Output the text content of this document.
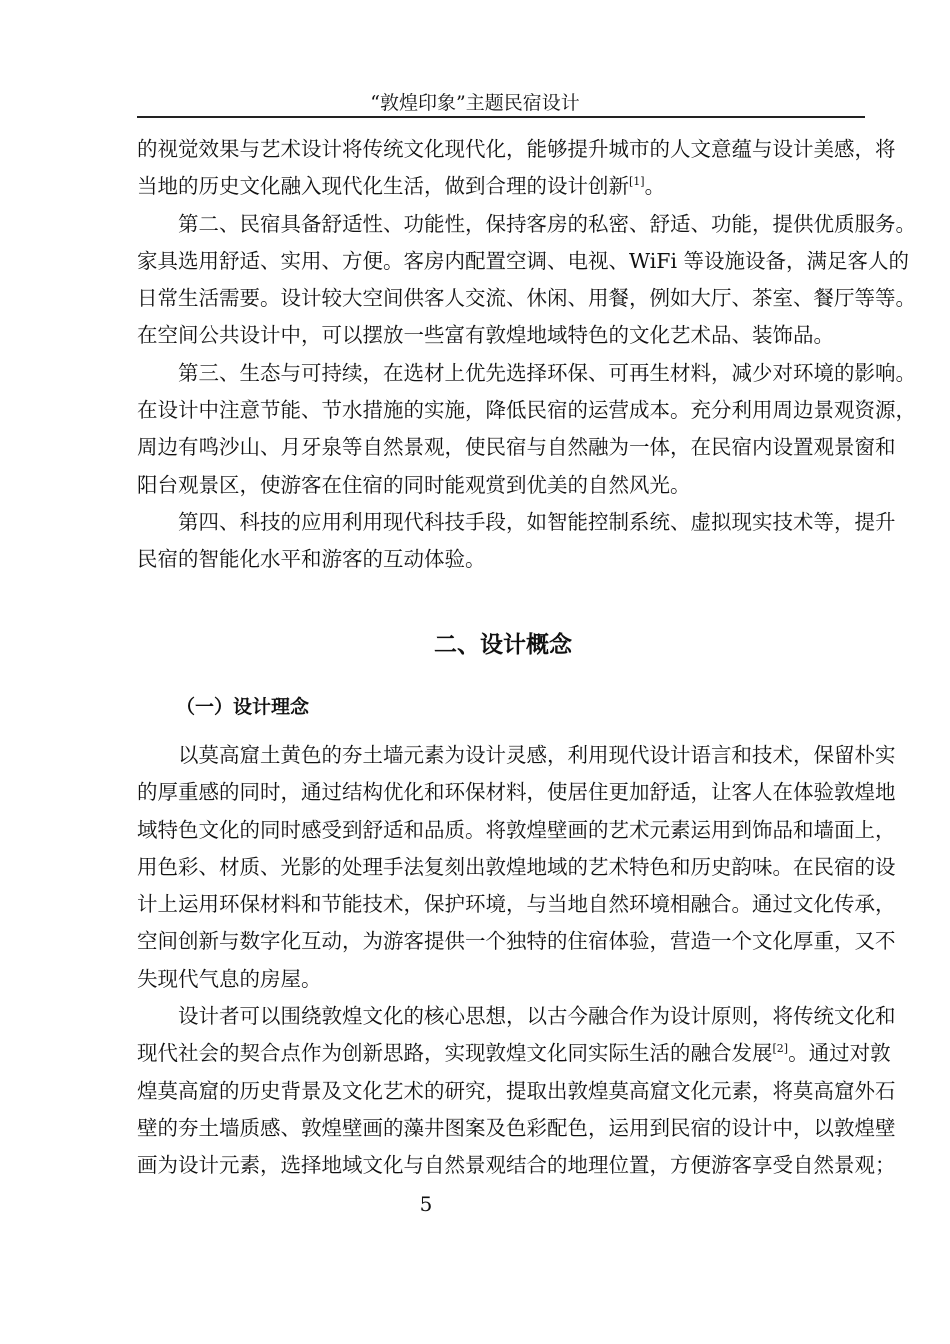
“敦煌印象”主题民宿设计
的视觉效果与艺术设计将传统文化现代化，能够提升城市的人文意蕴与设计美感，将
当地的历史文化融入现代化生活，做到合理的设计创新[1]。
第二、民宿具备舒适性、功能性，保持客房的私密、舒适、功能，提供优质服务。
家具选用舒适、实用、方便。客房内配置空调、电视、WiFi 等设施设备，满足客人的
日常生活需要。设计较大空间供客人交流、休闲、用餐，例如大厅、茶室、餐厅等等。
在空间公共设计中，可以摆放一些富有敦煌地域特色的文化艺术品、装饰品。
第三、生态与可持续，在选材上优先选择环保、可再生材料，减少对环境的影响。
在设计中注意节能、节水措施的实施，降低民宿的运营成本。充分利用周边景观资源，
周边有鸣沙山、月牙泉等自然景观，使民宿与自然融为一体，在民宿内设置观景窗和
阳台观景区，使游客在住宿的同时能观赏到优美的自然风光。
第四、科技的应用利用现代科技手段，如智能控制系统、虚拟现实技术等，提升
民宿的智能化水平和游客的互动体验。
二、设计概念
（一）设计理念
以莫高窟土黄色的夯土墙元素为设计灵感，利用现代设计语言和技术，保留朴实
的厚重感的同时，通过结构优化和环保材料，使居住更加舒适，让客人在体验敦煌地
域特色文化的同时感受到舒适和品质。将敦煌壁画的艺术元素运用到饰品和墙面上，
用色彩、材质、光影的处理手法复刻出敦煌地域的艺术特色和历史韵味。在民宿的设
计上运用环保材料和节能技术，保护环境，与当地自然环境相融合。通过文化传承，
空间创新与数字化互动，为游客提供一个独特的住宿体验，营造一个文化厚重，又不
失现代气息的房屋。
设计者可以围绕敦煌文化的核心思想，以古今融合作为设计原则，将传统文化和
现代社会的契合点作为创新思路，实现敦煌文化同实际生活的融合发展[2]。通过对敦
煌莫高窟的历史背景及文化艺术的研究，提取出敦煌莫高窟文化元素，将莫高窟外石
壁的夯土墙质感、敦煌壁画的藻井图案及色彩配色，运用到民宿的设计中，以敦煌壁
画为设计元素，选择地域文化与自然景观结合的地理位置，方便游客享受自然景观；
5
